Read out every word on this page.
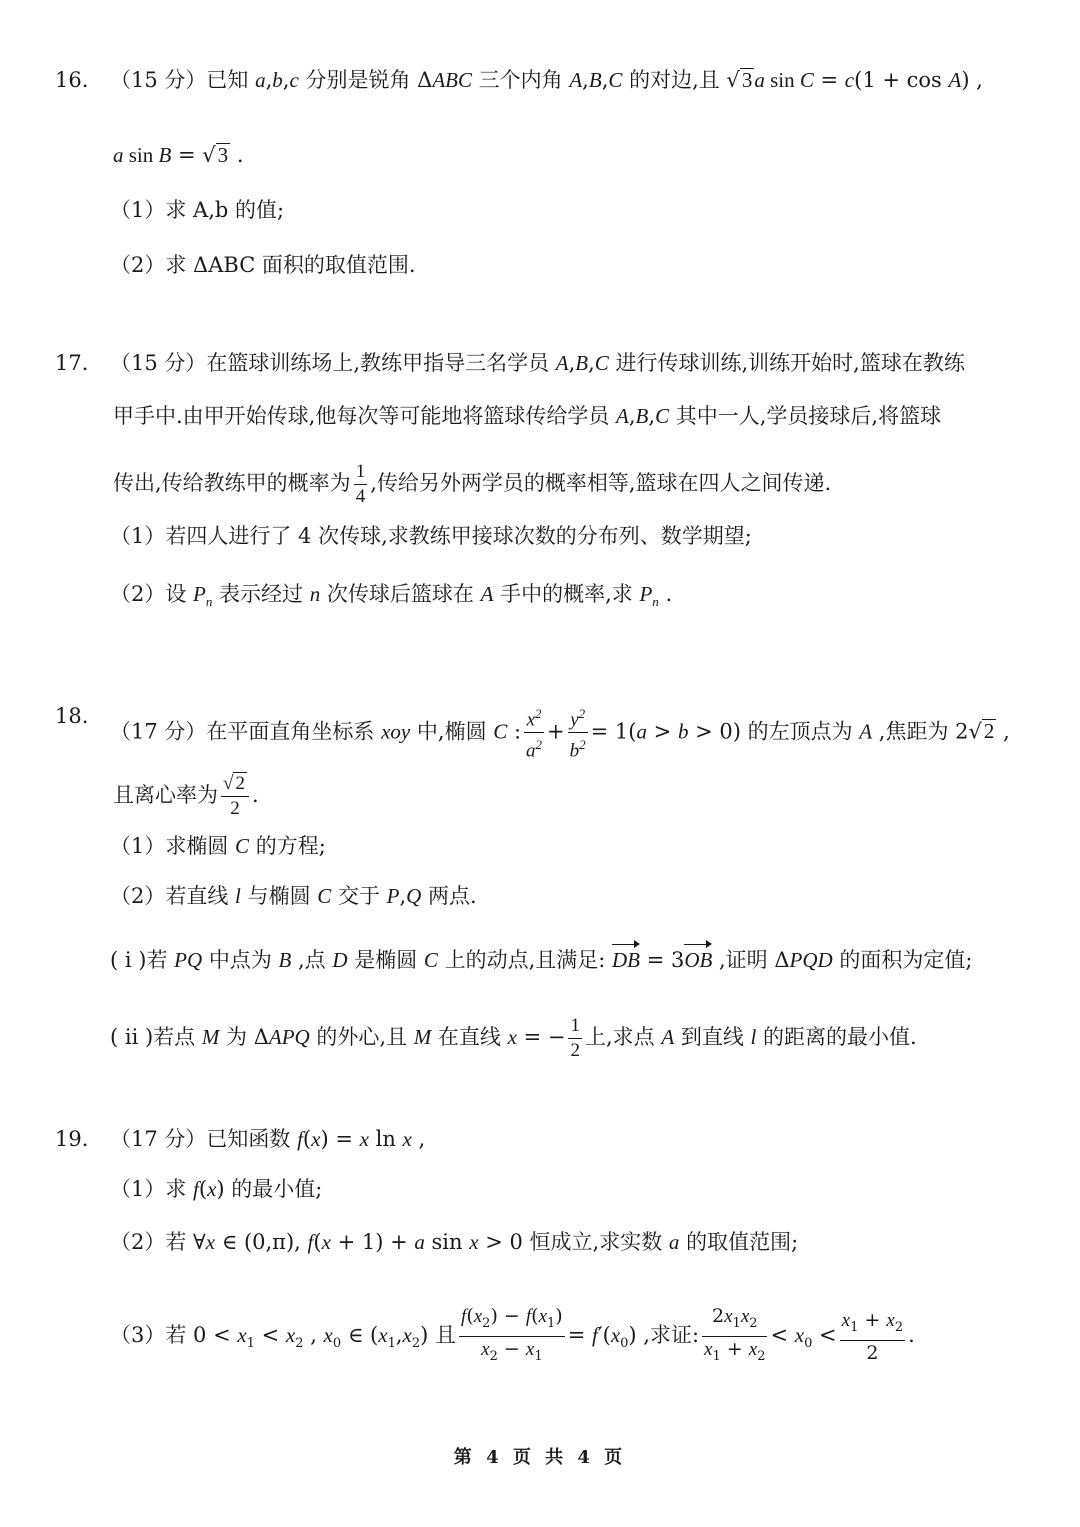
16. （15 分）已知 a,b,c 分别是锐角 ΔABC 三个内角 A,B,C 的对边,且 √3a sin C = c(1 + cos A) ,
a sin B = √3 .
（1）求 A,b 的值;
（2）求 ΔABC 面积的取值范围.
17. （15 分）在篮球训练场上,教练甲指导三名学员 A,B,C 进行传球训练,训练开始时,篮球在教练
甲手中.由甲开始传球,他每次等可能地将篮球传给学员 A,B,C 其中一人,学员接球后,将篮球
传出,传给教练甲的概率为 $\frac{1}{4}$ ,传给另外两学员的概率相等,篮球在四人之间传递.
（1）若四人进行了 4 次传球,求教练甲接球次数的分布列、数学期望;
（2）设 $P_n$ 表示经过 n 次传球后篮球在 A 手中的概率,求 $P_n$ .
18.
（17 分）在平面直角坐标系 xoy 中,椭圆 C : $\frac{x^2}{a^2} + \frac{y^2}{b^2} = 1(a > b > 0)$ 的左顶点为 A ,焦距为 2√2 ,
且离心率为 $\frac{√ 2}{2}$ .
（1）求椭圆 C 的方程;
（2）若直线 l 与椭圆 C 交于 P,Q 两点.
( i )若 PQ 中点为 B ,点 D 是椭圆 C 上的动点,且满足: DB = 3OB ,证明 ΔPQD 的面积为定值;
( ii )若点 M 为 ΔAPQ 的外心,且 M 在直线 x = − $\frac{1}{2}$ 上,求点 A 到直线 l 的距离的最小值.
19. （17 分）已知函数 f(x) = x ln x ,
（1）求 f(x) 的最小值;
（2）若 ∀x ∈ (0,π), f(x + 1) + a sin x > 0 恒成立,求实数 a 的取值范围;
（3）若 $0 < x_1 < x_2$ , $x_0$ ∈ $(x_1,x_2)$ 且 $\frac{f(x_2) - f(x_1)}{x_2 - x_1} = f'(x_0)$ ,求证: $\frac{2x_1x_2}{x_1 + x_2} < x_0 < \frac{x_1 + x_2}{2}$ .
第 4 页 共 4 页
